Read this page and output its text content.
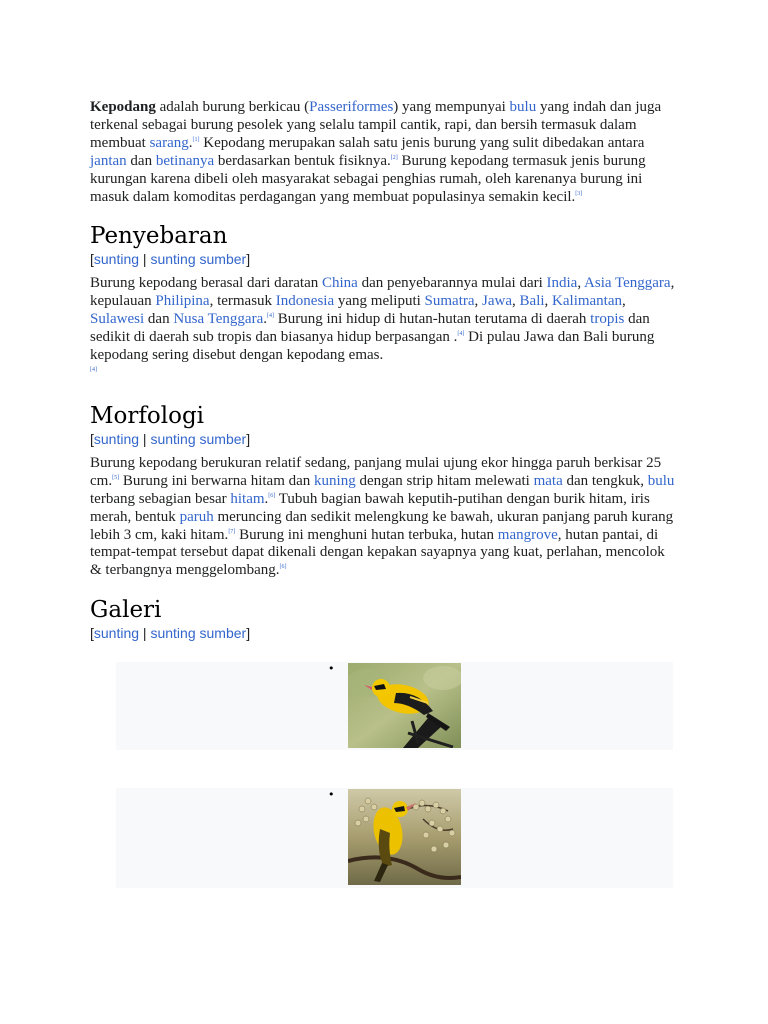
Kepodang adalah burung berkicau (Passeriformes) yang mempunyai bulu yang indah dan juga terkenal sebagai burung pesolek yang selalu tampil cantik, rapi, dan bersih termasuk dalam membuat sarang.[1] Kepodang merupakan salah satu jenis burung yang sulit dibedakan antara jantan dan betinanya berdasarkan bentuk fisiknya.[2] Burung kepodang termasuk jenis burung kurungan karena dibeli oleh masyarakat sebagai penghias rumah, oleh karenanya burung ini masuk dalam komoditas perdagangan yang membuat populasinya semakin kecil.[3]

Penyebaran
[sunting | sunting sumber]

Burung kepodang berasal dari daratan China dan penyebarannya mulai dari India, Asia Tenggara, kepulauan Philipina, termasuk Indonesia yang meliputi Sumatra, Jawa, Bali, Kalimantan, Sulawesi dan Nusa Tenggara.[4] Burung ini hidup di hutan-hutan terutama di daerah tropis dan sedikit di daerah sub tropis dan biasanya hidup berpasangan .[4] Di pulau Jawa dan Bali burung kepodang sering disebut dengan kepodang emas.
[4]

Morfologi
[sunting | sunting sumber]

Burung kepodang berukuran relatif sedang, panjang mulai ujung ekor hingga paruh berkisar 25 cm.[5] Burung ini berwarna hitam dan kuning dengan strip hitam melewati mata dan tengkuk, bulu terbang sebagian besar hitam.[6] Tubuh bagian bawah keputih-putihan dengan burik hitam, iris merah, bentuk paruh meruncing dan sedikit melengkung ke bawah, ukuran panjang paruh kurang lebih 3 cm, kaki hitam.[7] Burung ini menghuni hutan terbuka, hutan mangrove, hutan pantai, di tempat-tempat tersebut dapat dikenali dengan kepakan sayapnya yang kuat, perlahan, mencolok & terbangnya menggelombang.[6]

Galeri
[sunting | sunting sumber]
•
•
